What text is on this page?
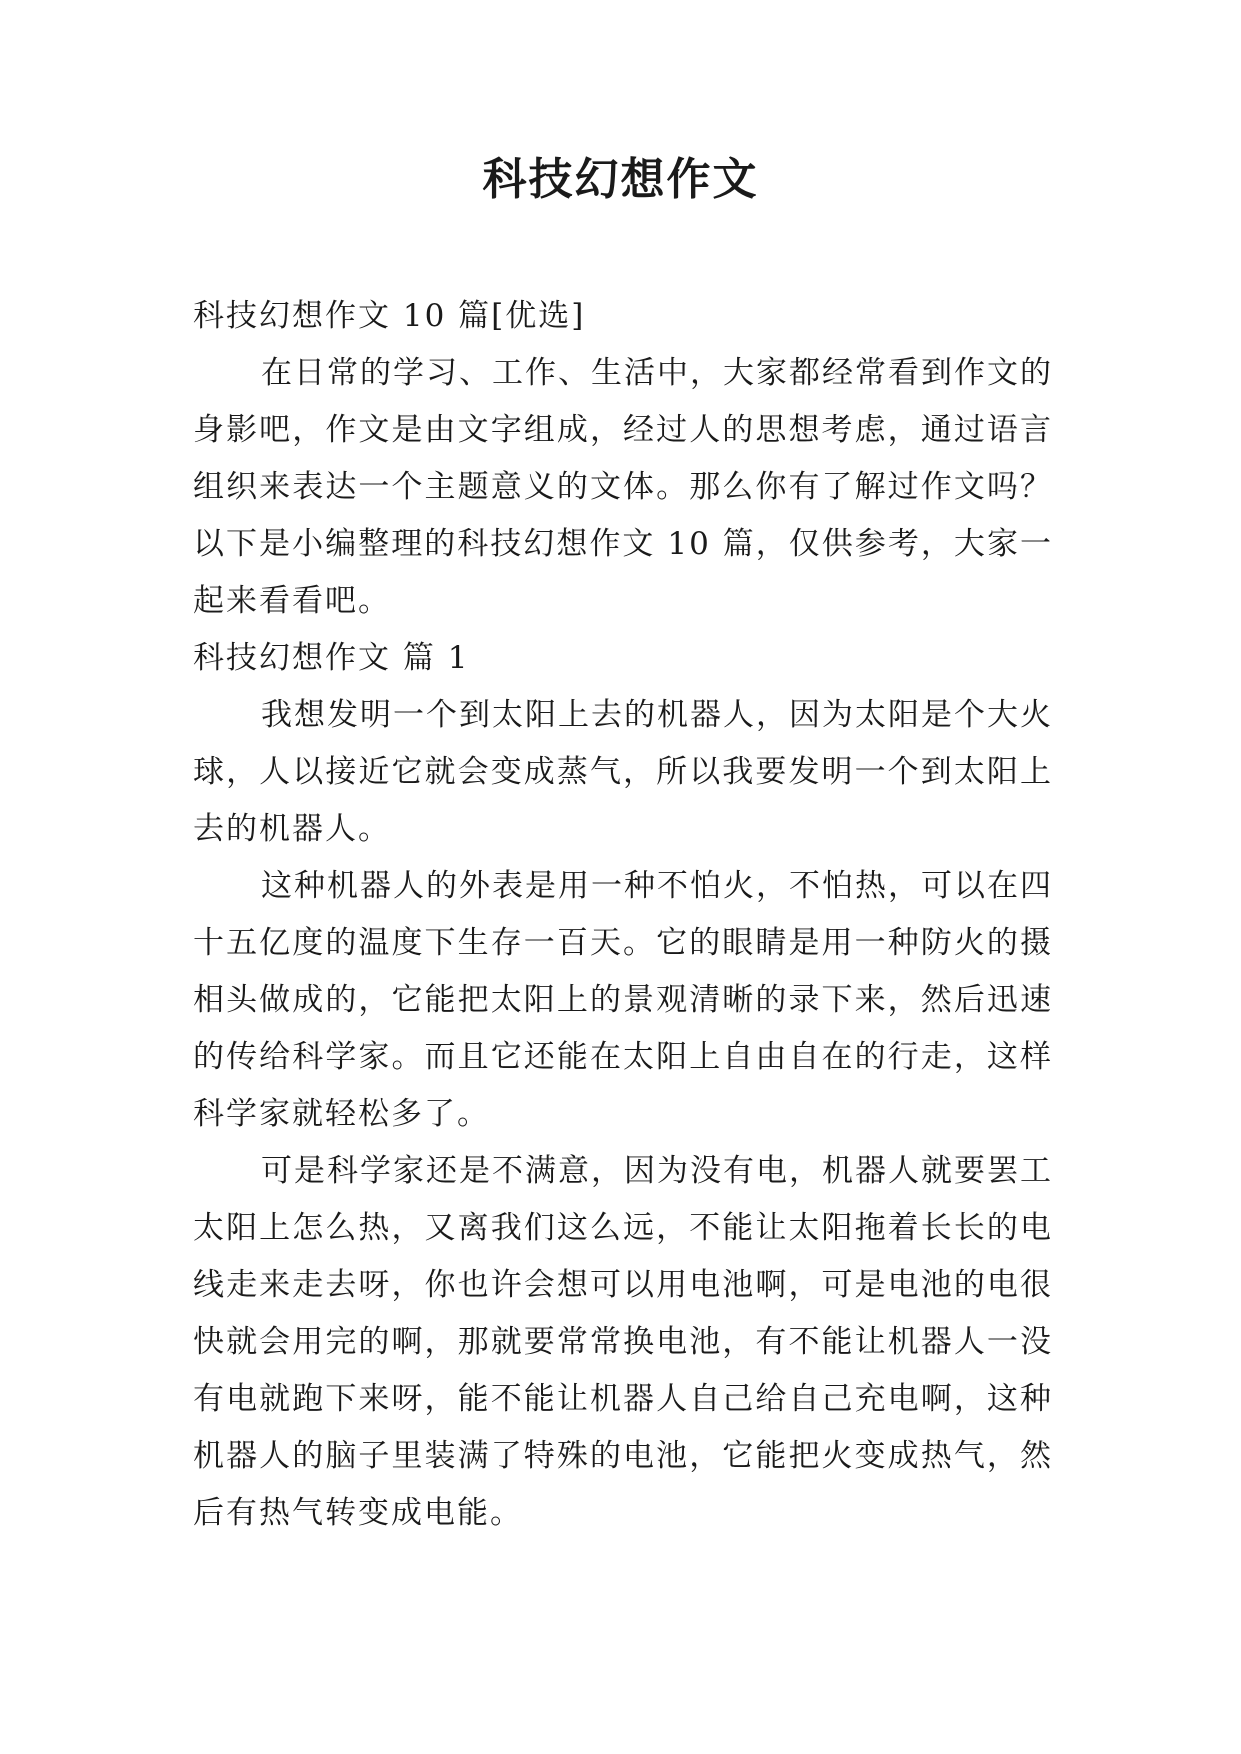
科技幻想作文

科技幻想作文 10 篇[优选]

在日常的学习、工作、生活中，大家都经常看到作文的身影吧，作文是由文字组成，经过人的思想考虑，通过语言组织来表达一个主题意义的文体。那么你有了解过作文吗？以下是小编整理的科技幻想作文 10 篇，仅供参考，大家一起来看看吧。

科技幻想作文 篇 1

我想发明一个到太阳上去的机器人，因为太阳是个大火球，人以接近它就会变成蒸气，所以我要发明一个到太阳上去的机器人。

这种机器人的外表是用一种不怕火，不怕热，可以在四十五亿度的温度下生存一百天。它的眼睛是用一种防火的摄相头做成的，它能把太阳上的景观清晰的录下来，然后迅速的传给科学家。而且它还能在太阳上自由自在的行走，这样科学家就轻松多了。

可是科学家还是不满意，因为没有电，机器人就要罢工太阳上怎么热，又离我们这么远，不能让太阳拖着长长的电线走来走去呀，你也许会想可以用电池啊，可是电池的电很快就会用完的啊，那就要常常换电池，有不能让机器人一没有电就跑下来呀，能不能让机器人自己给自己充电啊，这种机器人的脑子里装满了特殊的电池，它能把火变成热气，然后有热气转变成电能。
